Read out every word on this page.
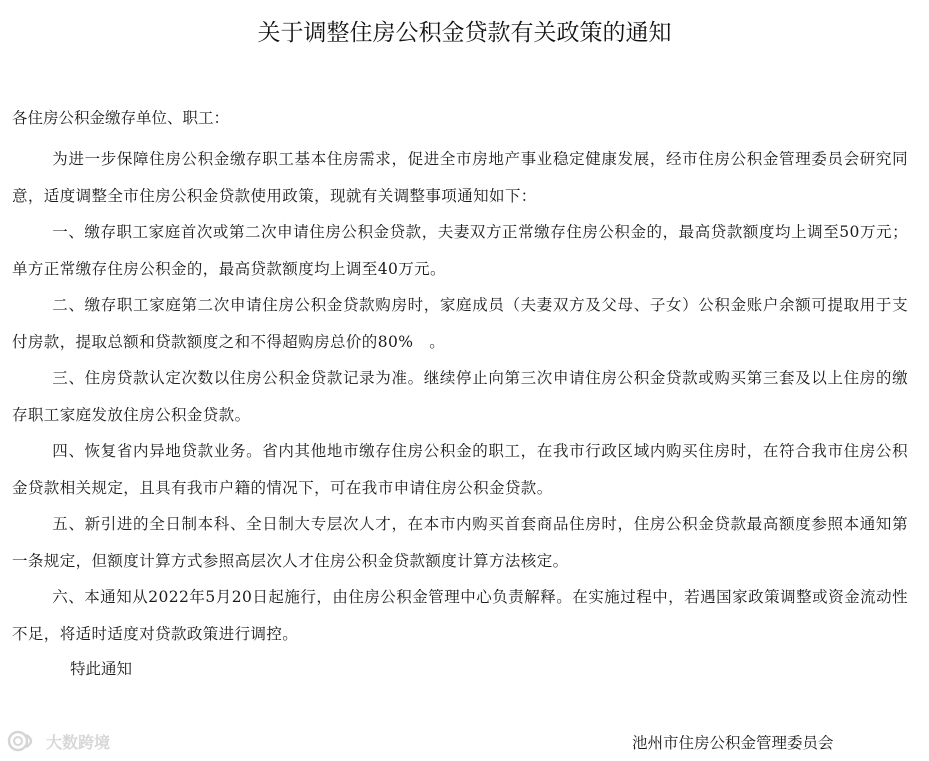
关于调整住房公积金贷款有关政策的通知
各住房公积金缴存单位、职工：

为进一步保障住房公积金缴存职工基本住房需求，促进全市房地产事业稳定健康发展，经市住房公积金管理委员会研究同意，适度调整全市住房公积金贷款使用政策，现就有关调整事项通知如下：

一、缴存职工家庭首次或第二次申请住房公积金贷款，夫妻双方正常缴存住房公积金的，最高贷款额度均上调至50万元；单方正常缴存住房公积金的，最高贷款额度均上调至40万元。

二、缴存职工家庭第二次申请住房公积金贷款购房时，家庭成员（夫妻双方及父母、子女）公积金账户余额可提取用于支付房款，提取总额和贷款额度之和不得超购房总价的80%　。

三、住房贷款认定次数以住房公积金贷款记录为准。继续停止向第三次申请住房公积金贷款或购买第三套及以上住房的缴存职工家庭发放住房公积金贷款。

四、恢复省内异地贷款业务。省内其他地市缴存住房公积金的职工，在我市行政区域内购买住房时，在符合我市住房公积金贷款相关规定，且具有我市户籍的情况下，可在我市申请住房公积金贷款。

五、新引进的全日制本科、全日制大专层次人才，在本市内购买首套商品住房时，住房公积金贷款最高额度参照本通知第一条规定，但额度计算方式参照高层次人才住房公积金贷款额度计算方法核定。

六、本通知从2022年5月20日起施行，由住房公积金管理中心负责解释。在实施过程中，若遇国家政策调整或资金流动性不足，将适时适度对贷款政策进行调控。

特此通知
池州市住房公积金管理委员会
大数跨境
